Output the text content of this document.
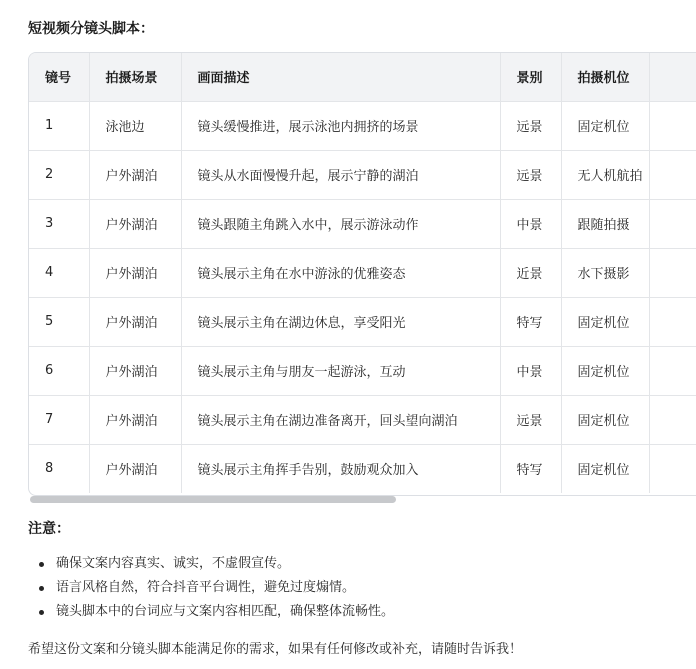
短视频分镜头脚本：
镜号	拍摄场景	画面描述	景别	拍摄机位	
1	泳池边	镜头缓慢推进，展示泳池内拥挤的场景	远景	固定机位	
2	户外湖泊	镜头从水面慢慢升起，展示宁静的湖泊	远景	无人机航拍	
3	户外湖泊	镜头跟随主角跳入水中，展示游泳动作	中景	跟随拍摄	
4	户外湖泊	镜头展示主角在水中游泳的优雅姿态	近景	水下摄影	
5	户外湖泊	镜头展示主角在湖边休息，享受阳光	特写	固定机位	
6	户外湖泊	镜头展示主角与朋友一起游泳，互动	中景	固定机位	
7	户外湖泊	镜头展示主角在湖边准备离开，回头望向湖泊	远景	固定机位	
8	户外湖泊	镜头展示主角挥手告别，鼓励观众加入	特写	固定机位	
注意：
确保文案内容真实、诚实，不虚假宣传。
语言风格自然，符合抖音平台调性，避免过度煽情。
镜头脚本中的台词应与文案内容相匹配，确保整体流畅性。
希望这份文案和分镜头脚本能满足你的需求，如果有任何修改或补充，请随时告诉我！
